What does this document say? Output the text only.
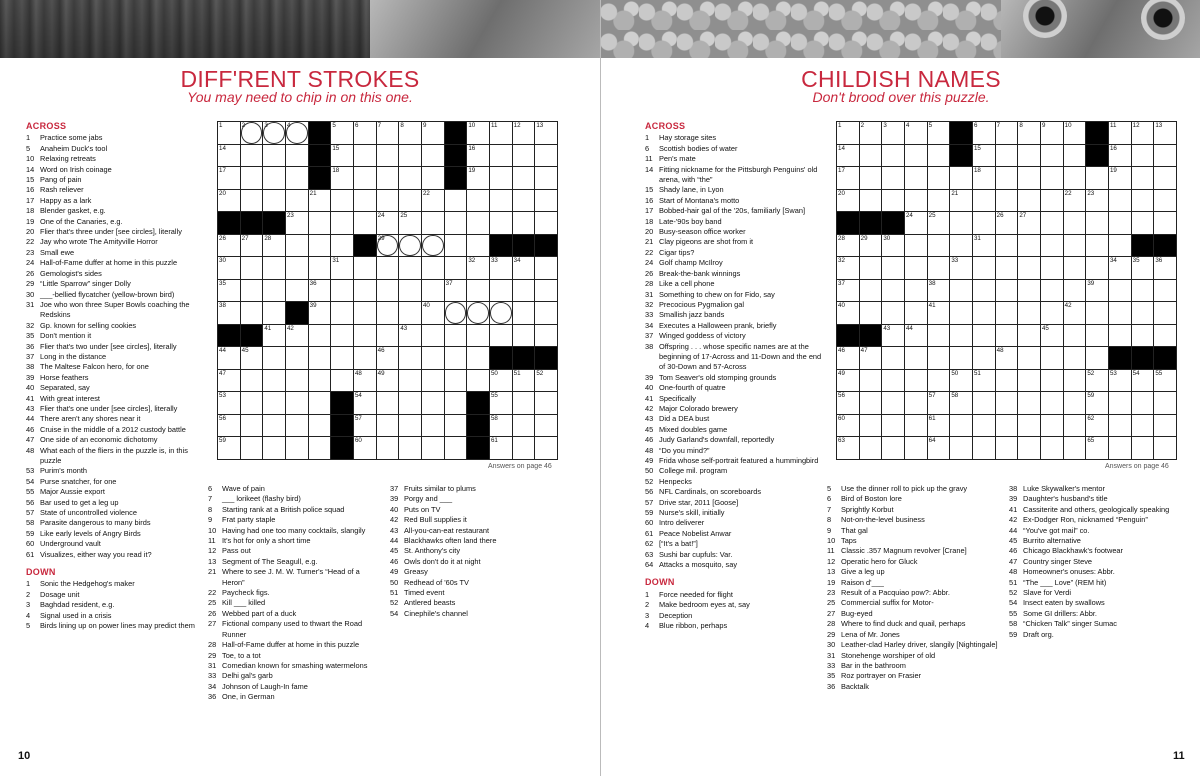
DIFF'RENT STROKES
You may need to chip in on this one.
ACROSS
1	Practice some jabs
5	Anaheim Duck's tool
10 Relaxing retreats
14 Word on Irish coinage
15 Pang of pain
16 Rash reliever
17 Happy as a lark
18 Blender gasket, e.g.
19 One of the Canaries, e.g.
20 Flier that's three under [see circles], literally
22 Jay who wrote The Amityville Horror
23 Small ewe
24 Hall-of-Fame duffer at home in this puzzle
26 Gemologist's sides
29 “Little Sparrow” singer Dolly
30 ___-bellied flycatcher (yellow-brown bird)
31 Joe who won three Super Bowls coaching the Redskins
32 Gp. known for selling cookies
35 Don't mention it
36 Flier that's two under [see circles], literally
37 Long in the distance
38 The Maltese Falcon hero, for one
39 Horse feathers
40 Separated, say
41 With great interest
43 Flier that's one under [see circles], literally
44 There aren't any shores near it
46 Cruise in the middle of a 2012 custody battle
47 One side of an economic dichotomy
48 What each of the fliers in the puzzle is, in this puzzle
53 Purim's month
54 Purse snatcher, for one
55 Major Aussie export
56 Bar used to get a leg up
57 State of uncontrolled violence
58 Parasite dangerous to many birds
59 Like early levels of Angry Birds
60 Underground vault
61 Visualizes, either way you read it?
DOWN
1	Sonic the Hedgehog's maker
2	Dosage unit
3	Baghdad resident, e.g.
4	Signal used in a crisis
5	Birds lining up on power lines may predict them
6	Wave of pain
7	___ lorikeet (flashy bird)
8	Starting rank at a British police squad
9	Frat party staple
10 Having had one too many cocktails, slangily
11 It's hot for only a short time
12 Pass out
13 Segment of The Seagull, e.g.
21 Where to see J. M. W. Turner's “Head of a Heron”
22 Paycheck figs.
25 Kill ___ killed
26 Webbed part of a duck
27 Fictional company used to thwart the Road Runner
28 Hall-of-Fame duffer at home in this puzzle
29 Toe, to a tot
31 Comedian known for smashing watermelons
33 Delhi gal's garb
34 Johnson of Laugh-In fame
36 One, in German
37 Fruits similar to plums
39 Porgy and ___
40 Puts on TV
42 Red Bull supplies it
43 All-you-can-eat restaurant
44 Blackhawks often land there
45 St. Anthony's city
46 Owls don't do it at night
49 Greasy
50 Redhead of '60s TV
51 Timed event
52 Antlered beasts
54 Cinephile's channel
1	2	3	4	5	6	7	8	9	10	11	12	13
14	15	16
17	18	19
20	21	22
23	24	25
26	27	28	29
30	31	32	33	34
35	36	37
38	39	40
41	42	43
44	45	46
47	48	49	50	51	52
53	54	55
56	57	58
59	60	61
Answers on page 46
10
CHILDISH NAMES
Don't brood over this puzzle.
ACROSS
1	Hay storage sites
6	Scottish bodies of water
11 Pen's mate
14 Fitting nickname for the Pittsburgh Penguins' old arena, with “the”
15 Shady lane, in Lyon
16 Start of Montana's motto
17 Bobbed-hair gal of the '20s, familiarly [Swan]
18 Late-'90s boy band
20 Busy-season office worker
21 Clay pigeons are shot from it
22 Cigar tips?
24 Golf champ McIlroy
26 Break-the-bank winnings
28 Like a cell phone
31 Something to chew on for Fido, say
32 Precocious Pygmalion gal
33 Smallish jazz bands
34 Executes a Halloween prank, briefly
37 Winged goddess of victory
38 Offspring . . . whose specific names are at the beginning of 17-Across and 11-Down and the end of 30-Down and 57-Across
39 Tom Seaver's old stomping grounds
40 One-fourth of quatre
41 Specifically
42 Major Colorado brewery
43 Did a DEA bust
45 Mixed doubles game
46 Judy Garland's downfall, reportedly
48 “Do you mind?”
49 Frida whose self-portrait featured a hummingbird
50 College mil. program
52 Henpecks
56 NFL Cardinals, on scoreboards
57 Drive star, 2011 [Goose]
59 Nurse's skill, initially
60 Intro deliverer
61 Peace Nobelist Anwar
62 [“It's a bat!”]
63 Sushi bar cupfuls: Var.
64 Attacks a mosquito, say
DOWN
1	Force needed for flight
2	Make bedroom eyes at, say
3	Deception
4	Blue ribbon, perhaps
5	Use the dinner roll to pick up the gravy
6	Bird of Boston lore
7	Sprightly Korbut
8	Not-on-the-level business
9	That gal
10 Taps
11 Classic .357 Magnum revolver [Crane]
12 Operatic hero for Gluck
13 Give a leg up
19 Raison d'___
23 Result of a Pacquiao pow?: Abbr.
25 Commercial suffix for Motor-
27 Bug-eyed
28 Where to find duck and quail, perhaps
29 Lena of Mr. Jones
30 Leather-clad Harley driver, slangily [Nightingale]
31 Stonehenge worshiper of old
33 Bar in the bathroom
35 Roz portrayer on Frasier
36 Backtalk
38 Luke Skywalker's mentor
39 Daughter's husband's title
41 Cassiterite and others, geologically speaking
42 Ex-Dodger Ron, nicknamed “Penguin”
44 “You've got mail” co.
45 Burrito alternative
46 Chicago Blackhawk's footwear
47 Country singer Steve
48 Homeowner's onuses: Abbr.
51 “The ___ Love” (REM hit)
52 Slave for Verdi
54 Insect eaten by swallows
55 Some GI drillers: Abbr.
58 “Chicken Talk” singer Sumac
59 Draft org.
1	2	3	4	5	6	7	8	9	10	11	12	13
14	15	16
17	18	19
20	21	22	23
24	25	26	27
28	29	30	31
32	33	34	35	36
37	38	39
40	41	42
43	44	45
46	47	48
49	50	51	52	53	54	55
56	57	58	59
60	61	62
63	64	65
Answers on page 46
11
